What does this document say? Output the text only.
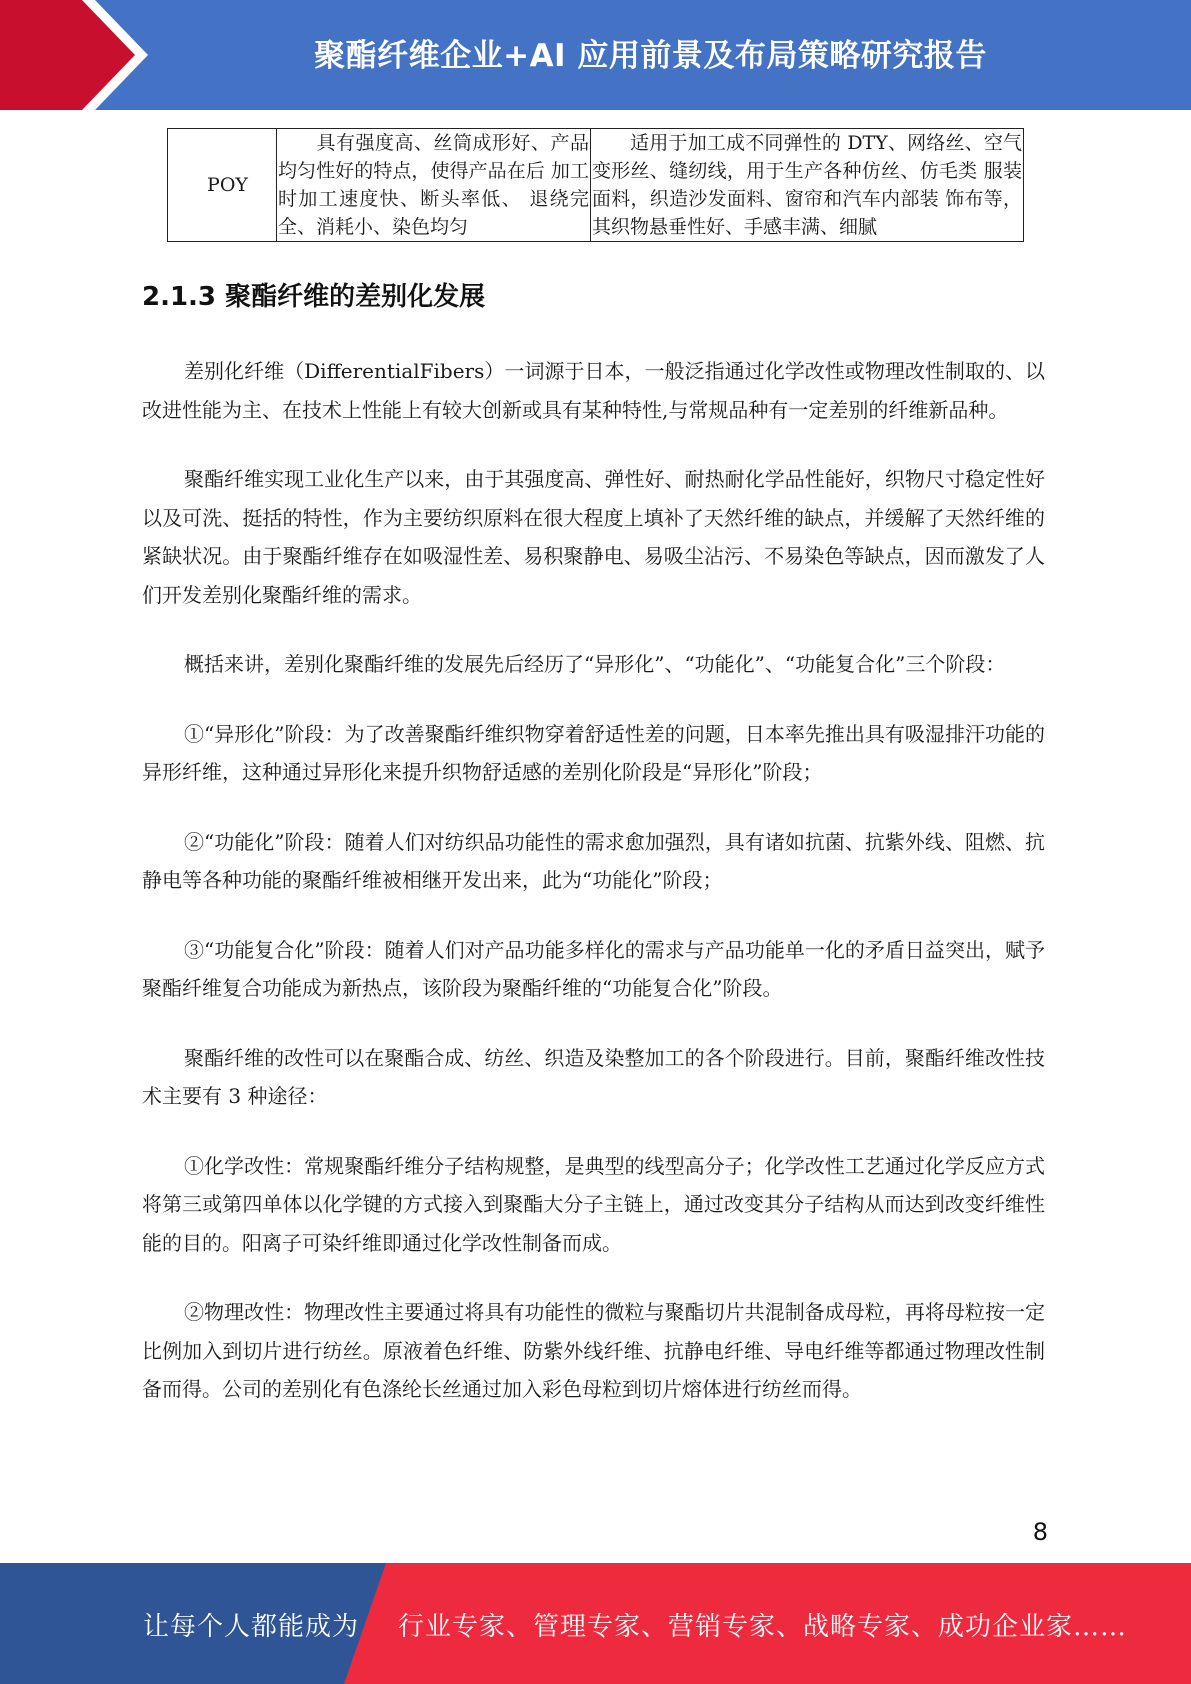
聚酯纤维企业+AI 应用前景及布局策略研究报告
POY	具有强度高、丝筒成形好、产品均匀性好的特点，使得产品在后 加工时加工速度快、断头率低、 退绕完全、消耗小、染色均匀	适用于加工成不同弹性的 DTY、网络丝、空气变形丝、缝纫线，用于生产各种仿丝、仿毛类 服装面料，织造沙发面料、窗帘和汽车内部装 饰布等，其织物悬垂性好、手感丰满、细腻
2.1.3 聚酯纤维的差别化发展

差别化纤维（DifferentialFibers）一词源于日本，一般泛指通过化学改性或物理改性制取的、以改进性能为主、在技术上性能上有较大创新或具有某种特性,与常规品种有一定差别的纤维新品种。

聚酯纤维实现工业化生产以来，由于其强度高、弹性好、耐热耐化学品性能好，织物尺寸稳定性好以及可洗、挺括的特性，作为主要纺织原料在很大程度上填补了天然纤维的缺点，并缓解了天然纤维的紧缺状况。由于聚酯纤维存在如吸湿性差、易积聚静电、易吸尘沾污、不易染色等缺点，因而激发了人们开发差别化聚酯纤维的需求。

概括来讲，差别化聚酯纤维的发展先后经历了“异形化”、“功能化”、“功能复合化”三个阶段：

①“异形化”阶段：为了改善聚酯纤维织物穿着舒适性差的问题，日本率先推出具有吸湿排汗功能的异形纤维，这种通过异形化来提升织物舒适感的差别化阶段是“异形化”阶段；

②“功能化”阶段：随着人们对纺织品功能性的需求愈加强烈，具有诸如抗菌、抗紫外线、阻燃、抗静电等各种功能的聚酯纤维被相继开发出来，此为“功能化”阶段；

③“功能复合化”阶段：随着人们对产品功能多样化的需求与产品功能单一化的矛盾日益突出，赋予聚酯纤维复合功能成为新热点，该阶段为聚酯纤维的“功能复合化”阶段。

聚酯纤维的改性可以在聚酯合成、纺丝、织造及染整加工的各个阶段进行。目前，聚酯纤维改性技术主要有 3 种途径：

①化学改性：常规聚酯纤维分子结构规整，是典型的线型高分子；化学改性工艺通过化学反应方式将第三或第四单体以化学键的方式接入到聚酯大分子主链上，通过改变其分子结构从而达到改变纤维性能的目的。阳离子可染纤维即通过化学改性制备而成。

②物理改性：物理改性主要通过将具有功能性的微粒与聚酯切片共混制备成母粒，再将母粒按一定比例加入到切片进行纺丝。原液着色纤维、防紫外线纤维、抗静电纤维、导电纤维等都通过物理改性制备而得。公司的差别化有色涤纶长丝通过加入彩色母粒到切片熔体进行纺丝而得。

8
让每个人都能成为 行业专家、管理专家、营销专家、战略专家、成功企业家……
